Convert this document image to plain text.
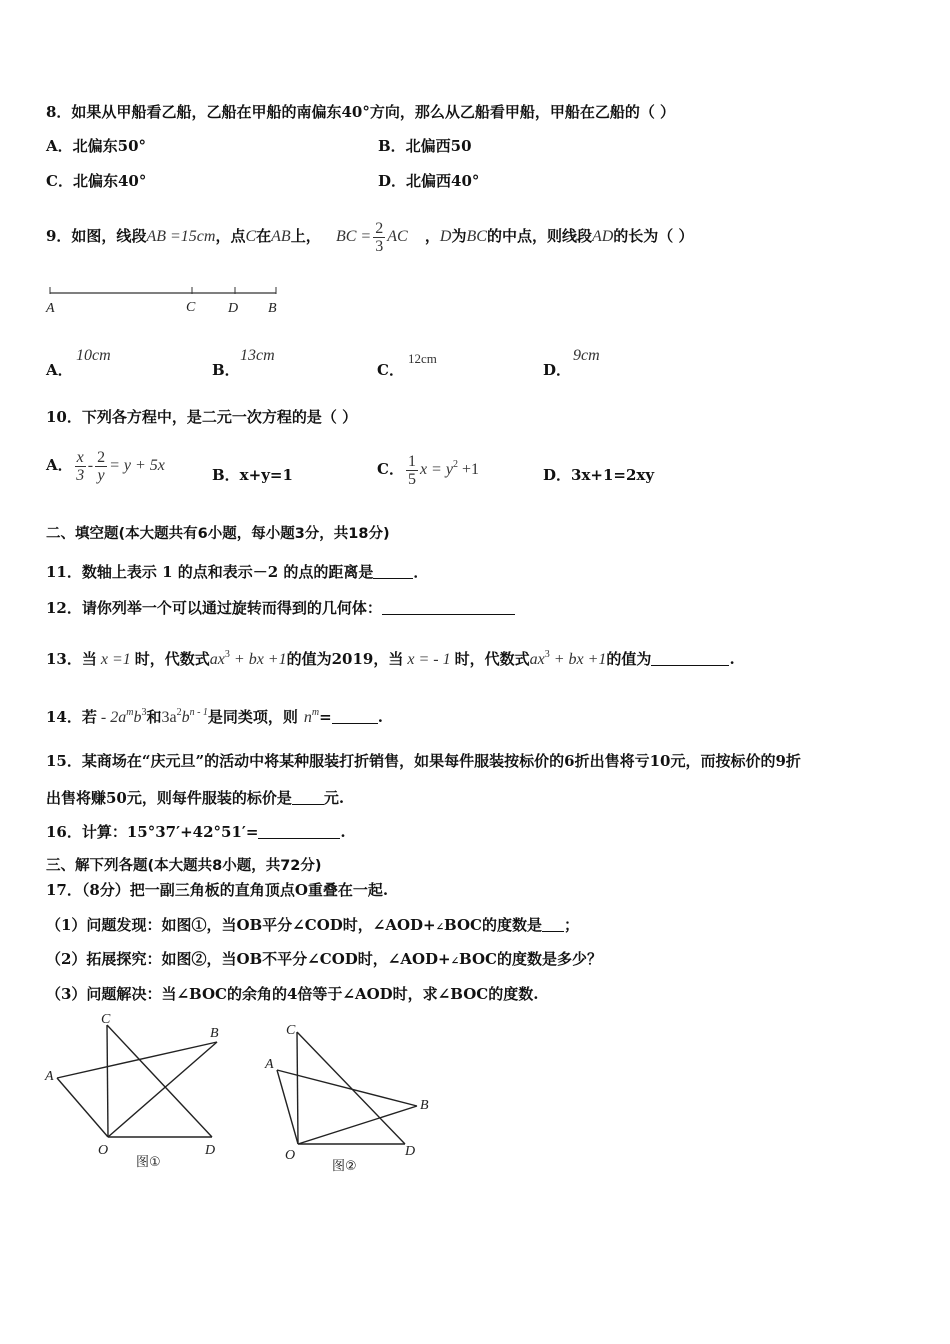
8．如果从甲船看乙船，乙船在甲船的南偏东40°方向，那么从乙船看甲船，甲船在乙船的（ ）
A．北偏东50°	B．北偏西50
C．北偏东40°	D．北偏西40°
9．如图，线段AB =15cm，点C在AB上， BC = $\frac{2}{3}$ AC ，D为BC的中点，则线段AD的长为（ ）
A	C D B
A．
10cm
B．
13cm
C．
12cm
D．
9cm
10．下列各方程中，是二元一次方程的是（ ）
A． $\frac{x}{3} - \frac{2}{y} = y + 5x$
B．x+y=1	C． $\frac{1}{5}$ $x = y^2 +1$	D．3x+1=2xy
二、填空题(本大题共有6小题，每小题3分，共18分)
11．数轴上表示 1 的点和表示－2 的点的距离是	．
12．请你列举一个可以通过旋转而得到的几何体：
13．当 x =1 时，代数式$ax^3$ + bx +1的值为2019，当 x = - 1 时，代数式$ax^3$ + bx +1的值为	.
14．若 - $2a^mb^3$和$3a^2b^{n - 1}$是同类项，则 $n^m=$	.
15．某商场在“庆元旦”的活动中将某种服装打折销售，如果每件服装按标价的6折出售将亏10元，而按标价的9折
出售将赚50元，则每件服装的标价是 元.
16．计算：15°37′+42°51′=	.
三、解下列各题(本大题共8小题，共72分)
17．（8分）把一副三角板的直角顶点O重叠在一起.
（1）问题发现：如图①，当OB平分∠COD时，∠AOD+∠BOC的度数是 ；
（2）拓展探究：如图②，当OB不平分∠COD时，∠AOD+∠BOC的度数是多少？
（3）问题解决：当∠BOC的余角的4倍等于∠AOD时，求∠BOC的度数.
C
B
A
O	D
图①
C
A
B
O	D
图②
